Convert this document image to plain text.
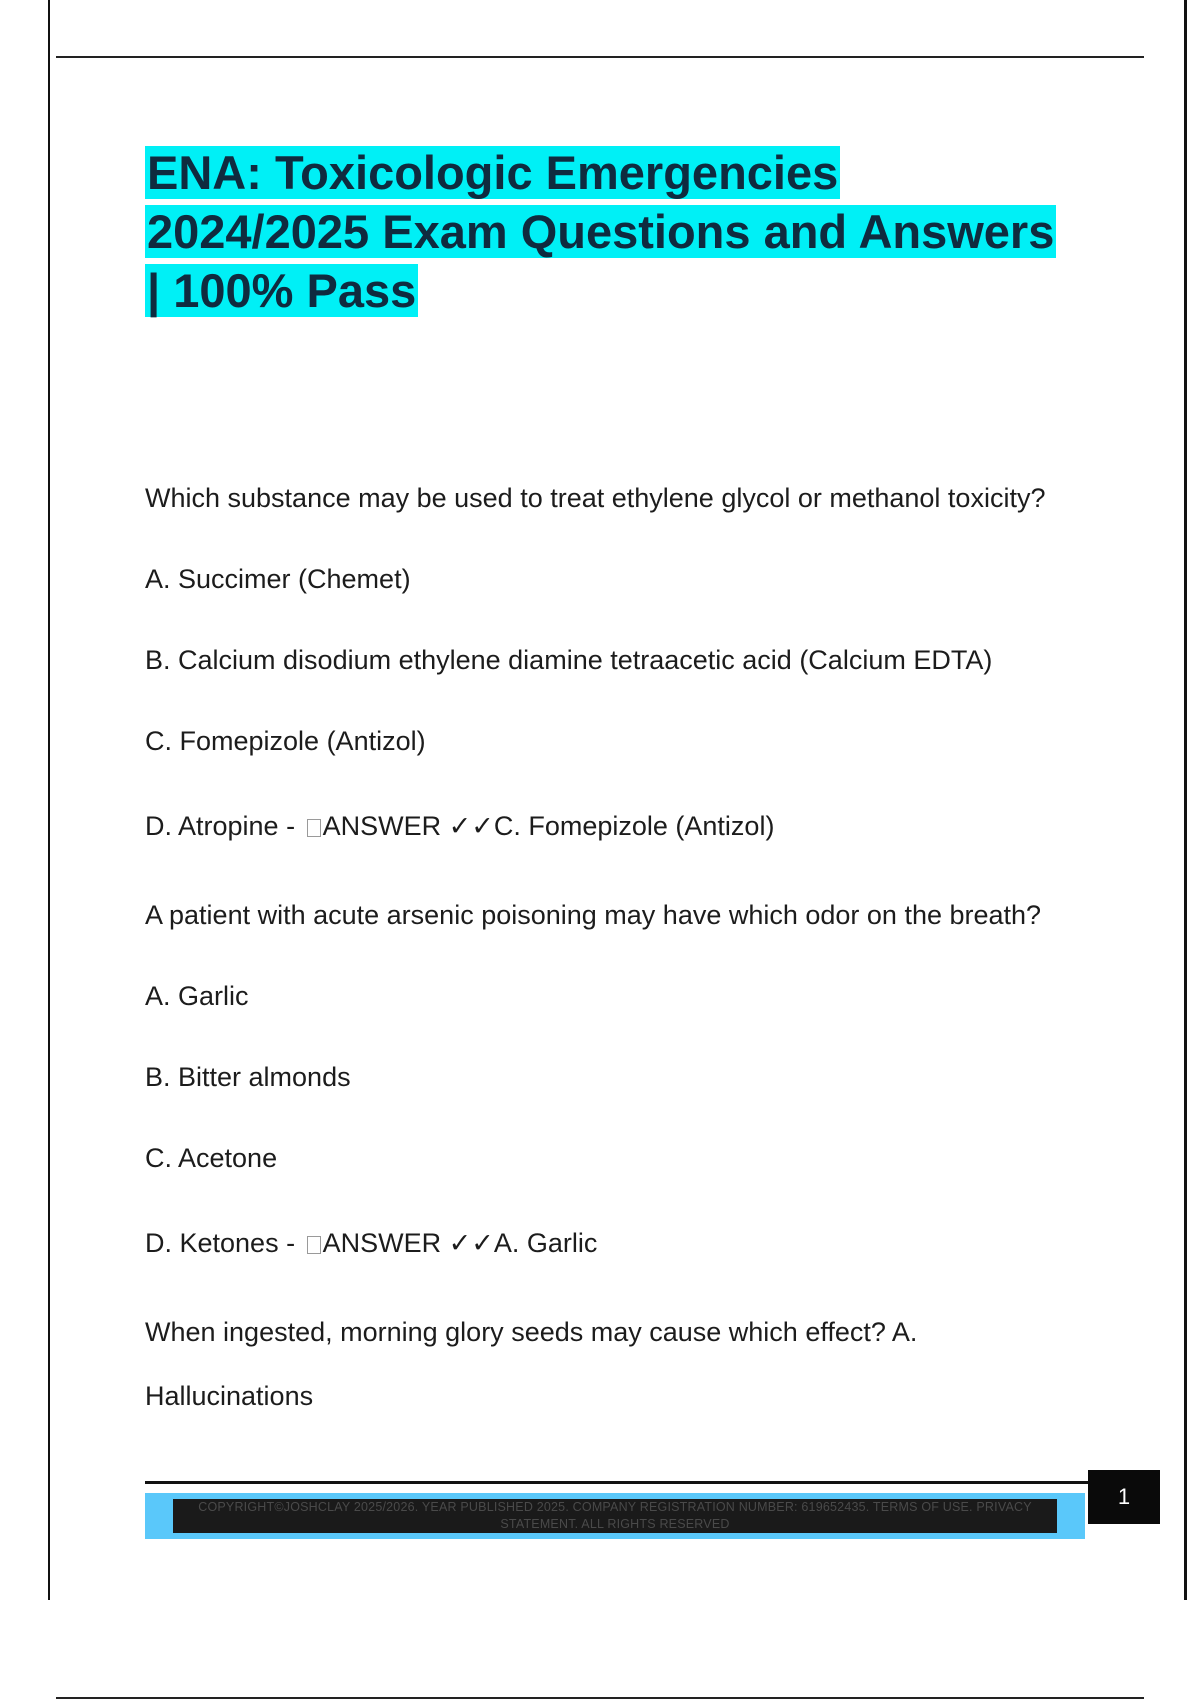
ENA: Toxicologic Emergencies
2024/2025 Exam Questions and Answers
| 100% Pass

Which substance may be used to treat ethylene glycol or methanol toxicity?

A. Succimer (Chemet)

B. Calcium disodium ethylene diamine tetraacetic acid (Calcium EDTA)

C. Fomepizole (Antizol)

D. Atropine - ANSWER ✓✓C. Fomepizole (Antizol)

A patient with acute arsenic poisoning may have which odor on the breath?

A. Garlic

B. Bitter almonds

C. Acetone

D. Ketones - ANSWER ✓✓A. Garlic

When ingested, morning glory seeds may cause which effect? A.

Hallucinations

COPYRIGHT©JOSHCLAY 2025/2026. YEAR PUBLISHED 2025. COMPANY REGISTRATION NUMBER: 619652435. TERMS OF USE. PRIVACY
STATEMENT. ALL RIGHTS RESERVED
1
